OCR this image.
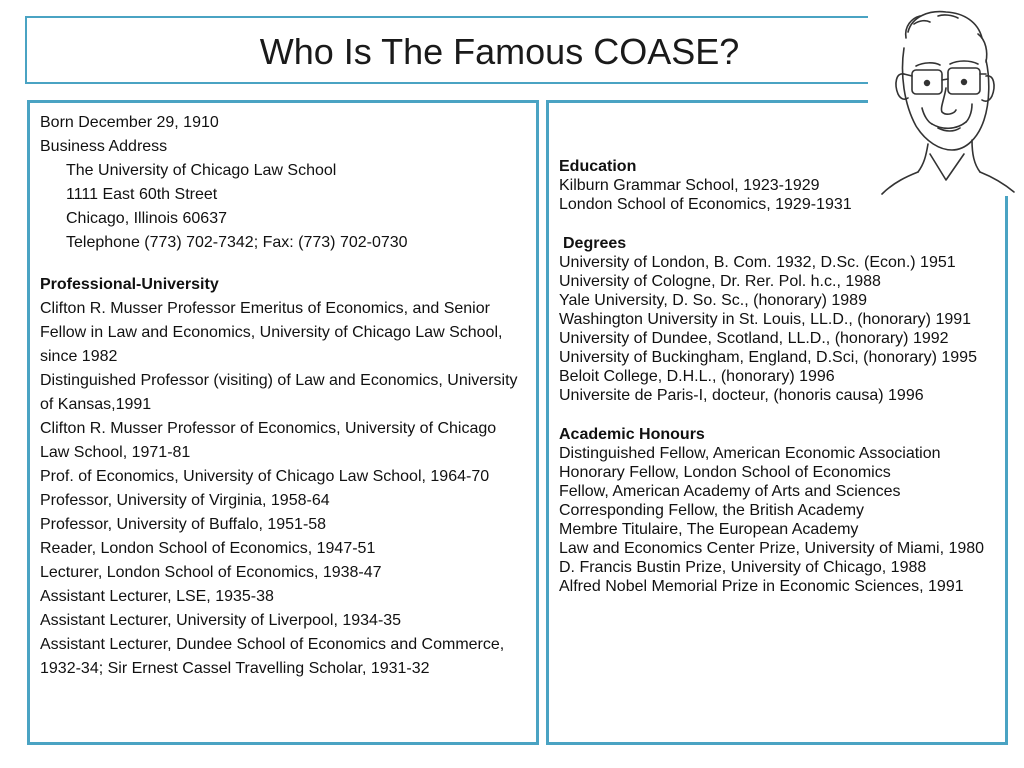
Who Is The Famous COASE?
Born December 29, 1910
Business Address
The University of Chicago Law School
1111 East 60th Street
Chicago, Illinois 60637
Telephone (773) 702-7342; Fax: (773) 702-0730
Professional-University
Clifton R. Musser Professor Emeritus of Economics, and Senior Fellow in Law and Economics, University of Chicago Law School, since 1982
Distinguished Professor (visiting) of Law and Economics, University of Kansas,1991
Clifton R. Musser Professor of Economics, University of Chicago Law School, 1971-81
Prof. of Economics, University of Chicago Law School, 1964-70
Professor, University of Virginia, 1958-64
Professor, University of Buffalo, 1951-58
Reader, London School of Economics, 1947-51
Lecturer, London School of Economics, 1938-47
Assistant Lecturer, LSE, 1935-38
Assistant Lecturer, University of Liverpool, 1934-35
Assistant Lecturer, Dundee School of Economics and Commerce, 1932-34; Sir Ernest Cassel Travelling Scholar, 1931-32
Education
Kilburn Grammar School, 1923-1929
London School of Economics, 1929-1931
Degrees
University of London, B. Com. 1932, D.Sc. (Econ.) 1951
University of Cologne, Dr. Rer. Pol. h.c., 1988
Yale University, D. So. Sc., (honorary) 1989
Washington University in St. Louis, LL.D., (honorary) 1991
University of Dundee, Scotland, LL.D., (honorary) 1992
University of Buckingham, England, D.Sci, (honorary) 1995
Beloit College, D.H.L., (honorary) 1996
Universite de Paris-I, docteur, (honoris causa) 1996
Academic Honours
Distinguished Fellow, American Economic Association
Honorary Fellow, London School of Economics
Fellow, American Academy of Arts and Sciences
Corresponding Fellow, the British Academy
Membre Titulaire, The European Academy
Law and Economics Center Prize, University of Miami, 1980
D. Francis Bustin Prize, University of Chicago, 1988
Alfred Nobel Memorial Prize in Economic Sciences, 1991
